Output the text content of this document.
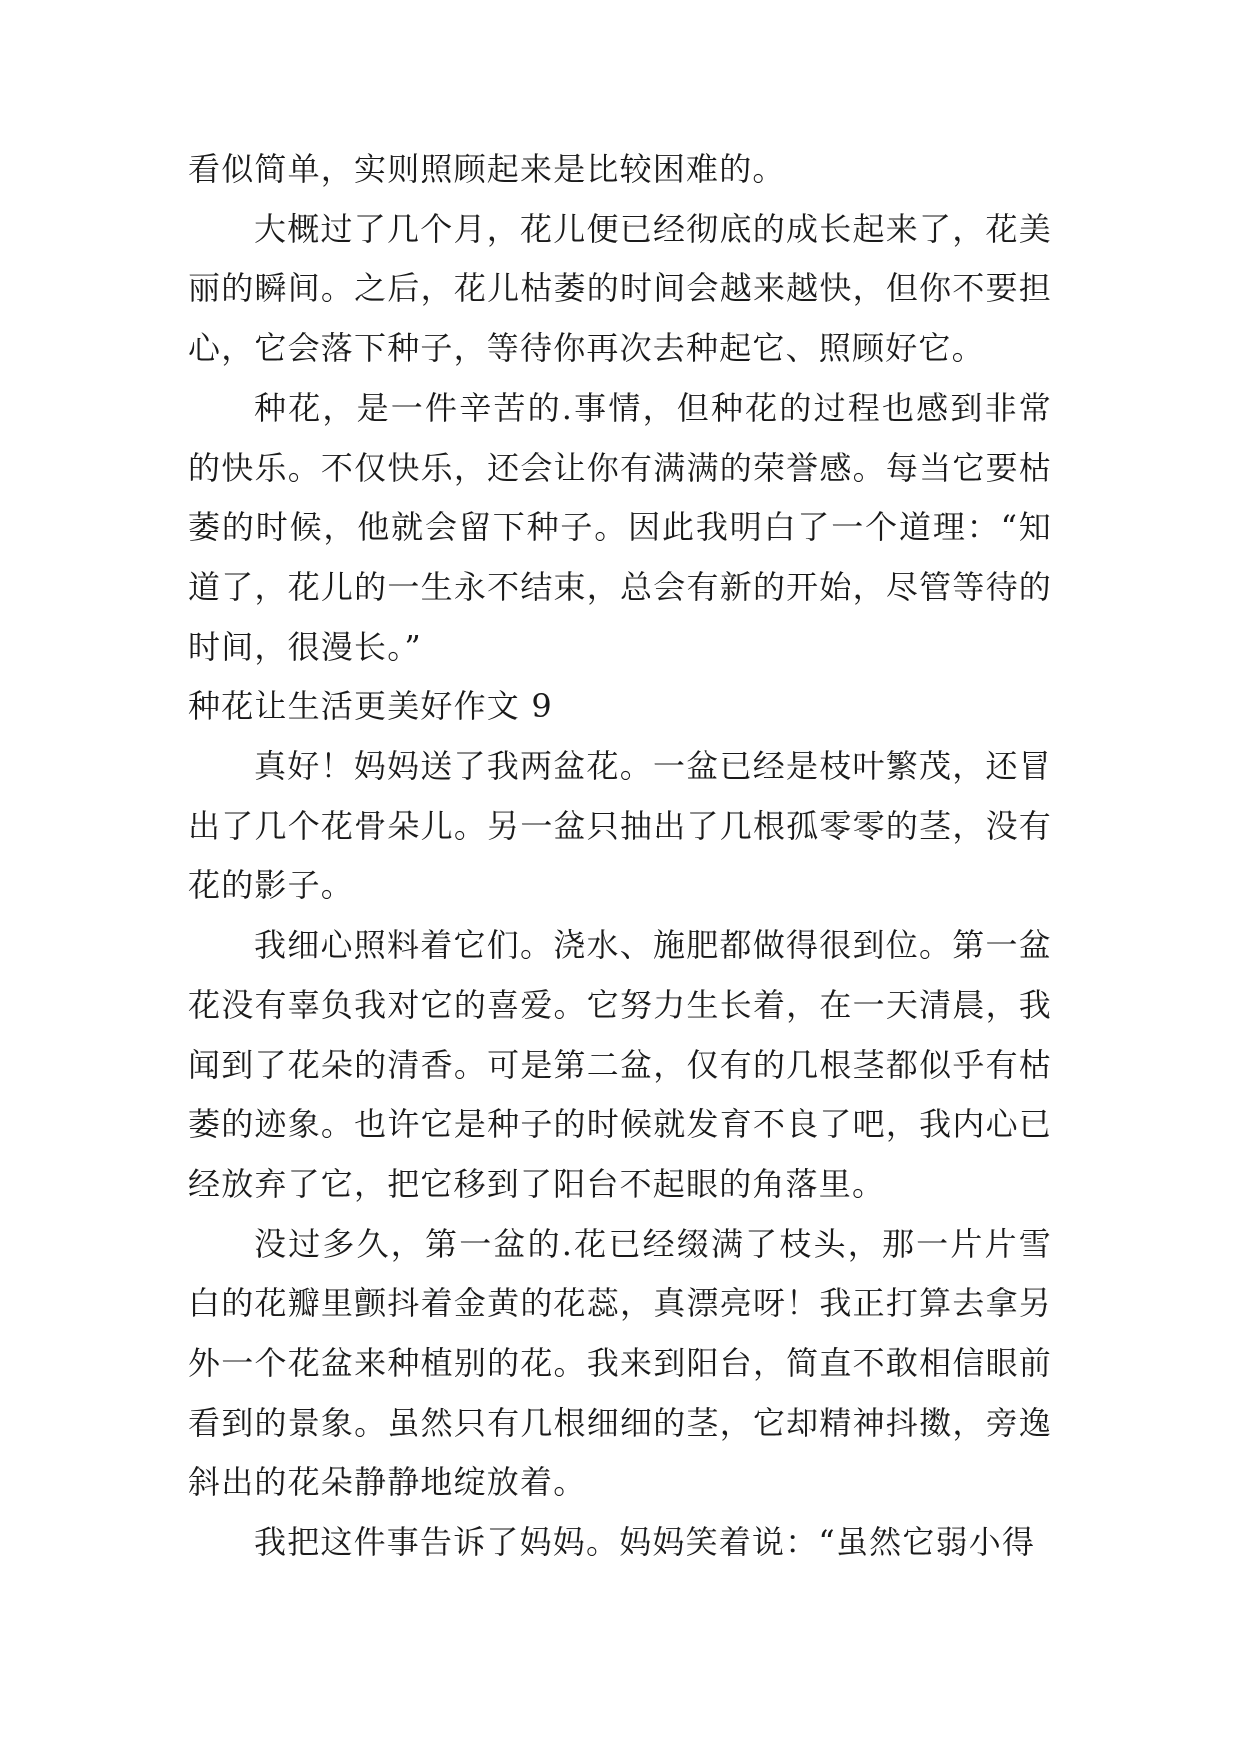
看似简单，实则照顾起来是比较困难的。

大概过了几个月，花儿便已经彻底的成长起来了，花美丽的瞬间。之后，花儿枯萎的时间会越来越快，但你不要担心，它会落下种子，等待你再次去种起它、照顾好它。

种花，是一件辛苦的.事情，但种花的过程也感到非常的快乐。不仅快乐，还会让你有满满的荣誉感。每当它要枯萎的时候，他就会留下种子。因此我明白了一个道理：“知道了，花儿的一生永不结束，总会有新的开始，尽管等待的时间，很漫长。”

种花让生活更美好作文 9

真好！妈妈送了我两盆花。一盆已经是枝叶繁茂，还冒出了几个花骨朵儿。另一盆只抽出了几根孤零零的茎，没有花的影子。

我细心照料着它们。浇水、施肥都做得很到位。第一盆花没有辜负我对它的喜爱。它努力生长着，在一天清晨，我闻到了花朵的清香。可是第二盆，仅有的几根茎都似乎有枯萎的迹象。也许它是种子的时候就发育不良了吧，我内心已经放弃了它，把它移到了阳台不起眼的角落里。

没过多久，第一盆的.花已经缀满了枝头，那一片片雪白的花瓣里颤抖着金黄的花蕊，真漂亮呀！我正打算去拿另外一个花盆来种植别的花。我来到阳台，简直不敢相信眼前看到的景象。虽然只有几根细细的茎，它却精神抖擞，旁逸斜出的花朵静静地绽放着。

我把这件事告诉了妈妈。妈妈笑着说：“虽然它弱小得
